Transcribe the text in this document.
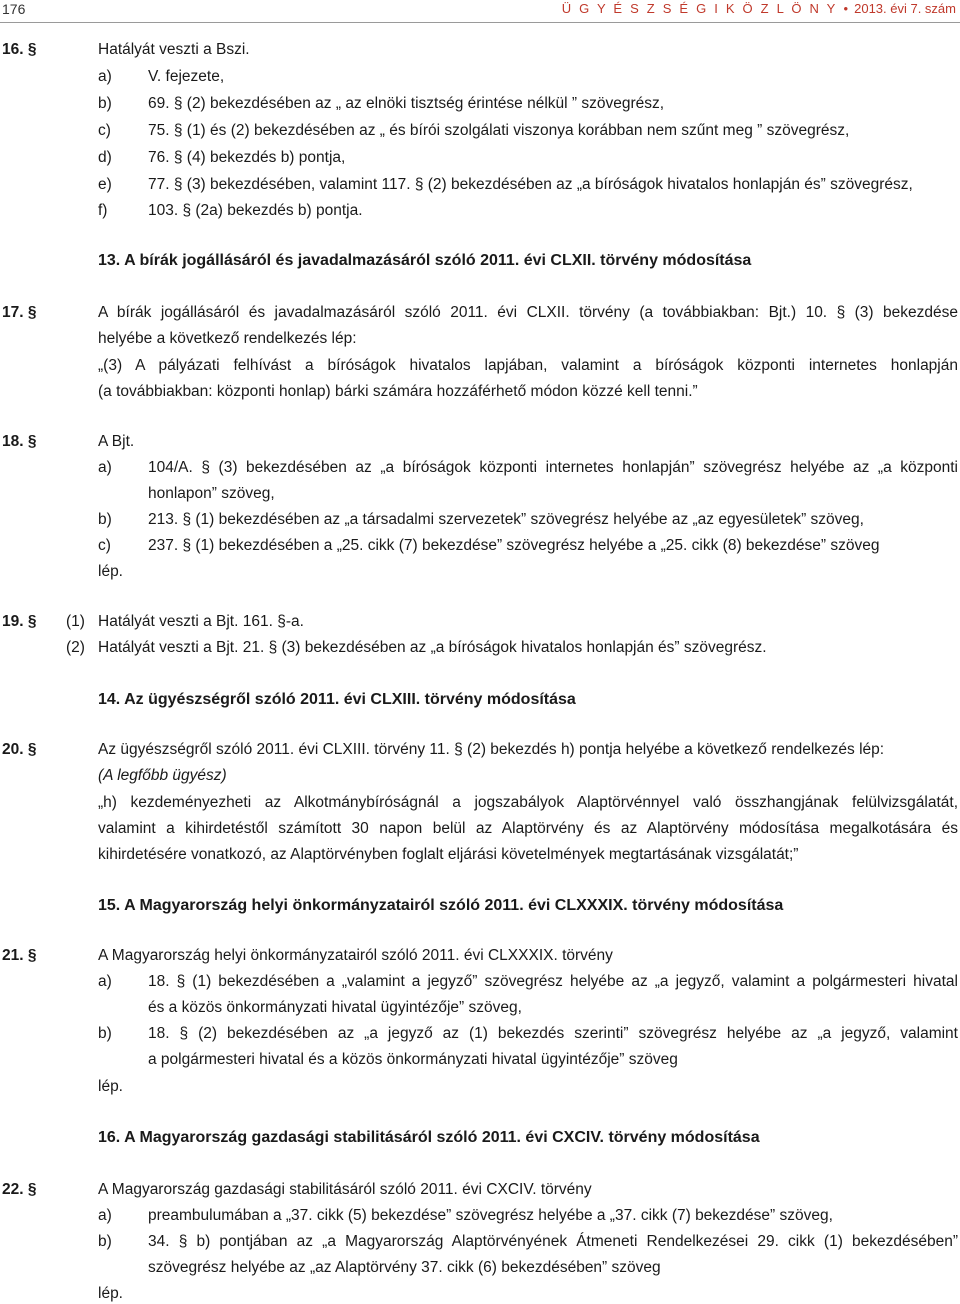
176	Ü G Y É S Z S É G I K Ö Z L Ö N Y • 2013. évi 7. szám
16. §	Hatályát veszti a Bszi.
a) V. fejezete,
b) 69. § (2) bekezdésében az „ az elnöki tisztség érintése nélkül ” szövegrész,
c) 75. § (1) és (2) bekezdésében az „ és bírói szolgálati viszonya korábban nem szűnt meg ” szövegrész,
d) 76. § (4) bekezdés b) pontja,
e) 77. § (3) bekezdésében, valamint 117. § (2) bekezdésében az „a bíróságok hivatalos honlapján és” szövegrész,
f)	103. § (2a) bekezdés b) pontja.
13. A bírák jogállásáról és javadalmazásáról szóló 2011. évi CLXII. törvény módosítása
17. §	A bírák jogállásáról és javadalmazásáról szóló 2011. évi CLXII. törvény (a továbbiakban: Bjt.) 10. § (3) bekezdése
helyébe a következő rendelkezés lép:
„(3) A pályázati felhívást a bíróságok hivatalos lapjában, valamint a bíróságok központi internetes honlapján
(a továbbiakban: központi honlap) bárki számára hozzáférhető módon közzé kell tenni.”
18. §	A Bjt.
a) 104/A. § (3) bekezdésében az „a bíróságok központi internetes honlapján” szövegrész helyébe az „a központi
honlapon” szöveg,
b) 213. § (1) bekezdésében az „a társadalmi szervezetek” szövegrész helyébe az „az egyesületek” szöveg,
c) 237. § (1) bekezdésében a „25. cikk (7) bekezdése” szövegrész helyébe a „25. cikk (8) bekezdése” szöveg
lép.
19. § (1) Hatályát veszti a Bjt. 161. §-a.
(2) Hatályát veszti a Bjt. 21. § (3) bekezdésében az „a bíróságok hivatalos honlapján és” szövegrész.
14. Az ügyészségről szóló 2011. évi CLXIII. törvény módosítása
20. §	Az ügyészségről szóló 2011. évi CLXIII. törvény 11. § (2) bekezdés h) pontja helyébe a következő rendelkezés lép:
(A legfőbb ügyész)
„h) kezdeményezheti az Alkotmánybíróságnál a jogszabályok Alaptörvénnyel való összhangjának felülvizsgálatát,
valamint a kihirdetéstől számított 30 napon belül az Alaptörvény és az Alaptörvény módosítása megalkotására és
kihirdetésére vonatkozó, az Alaptörvényben foglalt eljárási követelmények megtartásának vizsgálatát;”
15. A Magyarország helyi önkormányzatairól szóló 2011. évi CLXXXIX. törvény módosítása
21. §	A Magyarország helyi önkormányzatairól szóló 2011. évi CLXXXIX. törvény
a) 18. § (1) bekezdésében a „valamint a jegyző” szövegrész helyébe az „a jegyző, valamint a polgármesteri hivatal
és a közös önkormányzati hivatal ügyintézője” szöveg,
b) 18. § (2) bekezdésében az „a jegyző az (1) bekezdés szerinti” szövegrész helyébe az „a jegyző, valamint
a polgármesteri hivatal és a közös önkormányzati hivatal ügyintézője” szöveg
lép.
16. A Magyarország gazdasági stabilitásáról szóló 2011. évi CXCIV. törvény módosítása
22. §	A Magyarország gazdasági stabilitásáról szóló 2011. évi CXCIV. törvény
a) preambulumában a „37. cikk (5) bekezdése” szövegrész helyébe a „37. cikk (7) bekezdése” szöveg,
b) 34. § b) pontjában az „a Magyarország Alaptörvényének Átmeneti Rendelkezései 29. cikk (1) bekezdésében”
szövegrész helyébe az „az Alaptörvény 37. cikk (6) bekezdésében” szöveg
lép.
